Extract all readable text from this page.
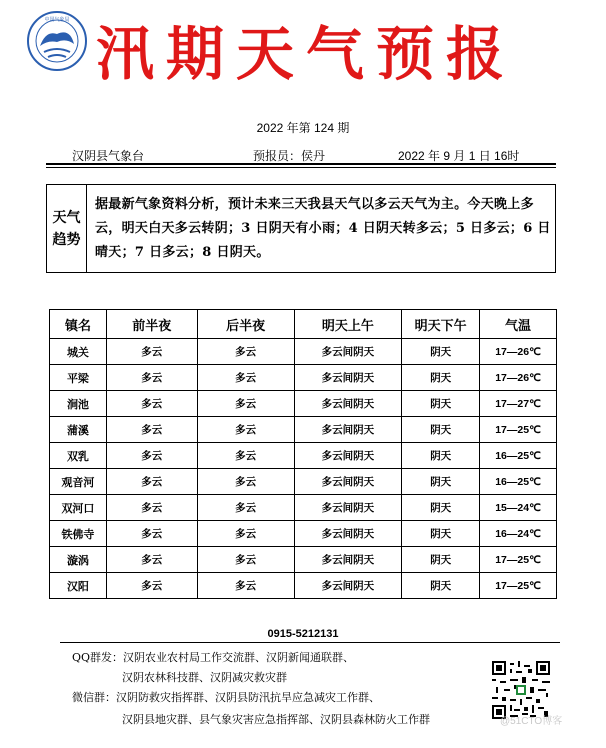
中国气象局 汛期天气预报
2022 年第 124 期
汉阴县气象台	预报员：侯丹	2022 年 9 月 1 日 16时
天气
趋势
据最新气象资料分析，预计未来三天我县天气以多云天气为主。今天晚上多云，明天白天多云转阴；3 日阴天有小雨；4 日阴天转多云；5 日多云；6 日晴天；7 日多云；8 日阴天。
镇名	前半夜	后半夜	明天上午	明天下午	气温
城关	多云	多云	多云间阴天	阴天	17—26℃
平梁	多云	多云	多云间阴天	阴天	17—26℃
涧池	多云	多云	多云间阴天	阴天	17—27℃
蒲溪	多云	多云	多云间阴天	阴天	17—25℃
双乳	多云	多云	多云间阴天	阴天	16—25℃
观音河	多云	多云	多云间阴天	阴天	16—25℃
双河口	多云	多云	多云间阴天	阴天	15—24℃
铁佛寺	多云	多云	多云间阴天	阴天	16—24℃
漩涡	多云	多云	多云间阴天	阴天	17—25℃
汉阳	多云	多云	多云间阴天	阴天	17—25℃
0915-5212131
QQ群发：汉阴农业农村局工作交流群、汉阴新闻通联群、
汉阴农林科技群、汉阴减灾救灾群
微信群：汉阴防救灾指挥群、汉阴县防汛抗旱应急减灾工作群、
汉阴县地灾群、县气象灾害应急指挥部、汉阴县森林防火工作群	@51CTO博客
